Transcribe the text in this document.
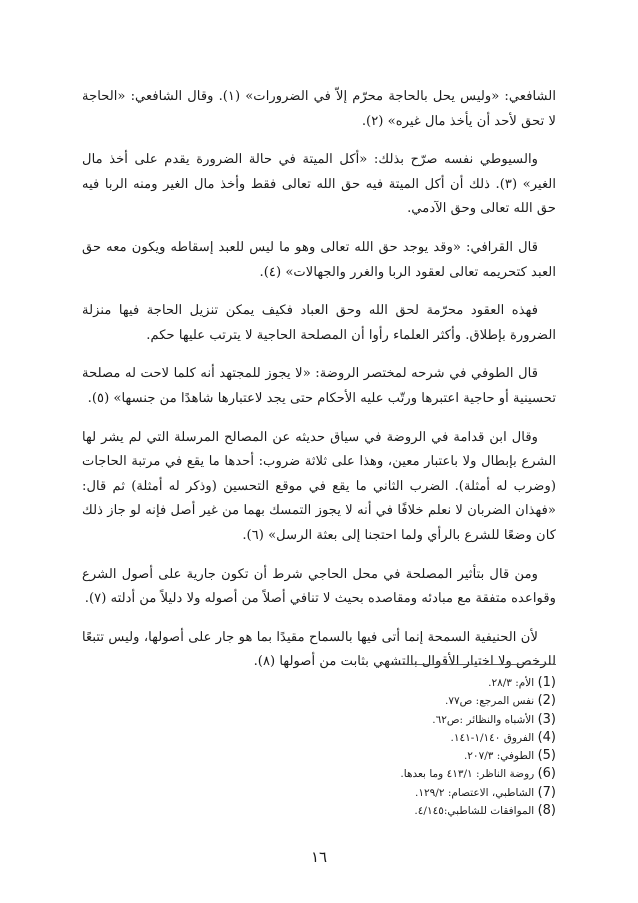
الشافعي: «وليس يحل بالحاجة محرّم إلاّ في الضرورات» (١). وقال الشافعي: «الحاجة لا تحق لأحد أن يأخذ مال غيره» (٢).

والسيوطي نفسه صرّح بذلك: «أكل الميتة في حالة الضرورة يقدم على أخذ مال الغير» (٣). ذلك أن أكل الميتة فيه حق الله تعالى فقط وأخذ مال الغير ومنه الربا فيه حق الله تعالى وحق الآدمي.

قال القرافي: «وقد يوجد حق الله تعالى وهو ما ليس للعبد إسقاطه ويكون معه حق العبد كتحريمه تعالى لعقود الربا والغرر والجهالات» (٤).

فهذه العقود محرّمة لحق الله وحق العباد فكيف يمكن تنزيل الحاجة فيها منزلة الضرورة بإطلاق. وأكثر العلماء رأوا أن المصلحة الحاجية لا يترتب عليها حكم.

قال الطوفي في شرحه لمختصر الروضة: «لا يجوز للمجتهد أنه كلما لاحت له مصلحة تحسينية أو حاجية اعتبرها ورتّب عليه الأحكام حتى يجد لاعتبارها شاهدًا من جنسها» (٥).

وقال ابن قدامة في الروضة في سياق حديثه عن المصالح المرسلة التي لم يشر لها الشرع بإبطال ولا باعتبار معين، وهذا على ثلاثة ضروب: أحدها ما يقع في مرتبة الحاجات (وضرب له أمثلة). الضرب الثاني ما يقع في موقع التحسين (وذكر له أمثلة) ثم قال: «فهذان الضربان لا نعلم خلافًا في أنه لا يجوز التمسك بهما من غير أصل فإنه لو جاز ذلك كان وضعًا للشرع بالرأي ولما احتجنا إلى بعثة الرسل» (٦).

ومن قال بتأثير المصلحة في محل الحاجي شرط أن تكون جارية على أصول الشرع وقواعده متفقة مع مبادئه ومقاصده بحيث لا تنافي أصلاً من أصوله ولا دليلاً من أدلته (٧).

لأن الحنيفية السمحة إنما أتى فيها بالسماح مقيدًا بما هو جار على أصولها، وليس تتبعًا للرخص ولا اختيار الأقوال بالتشهي بثابت من أصولها (٨).

(1) الأم: ٢٨/٣.
(2) نفس المرجع: ص٧٧.
(3) الأشباه والنظائر :ص٦٢.
(4) الفروق ١/١٤٠-١٤١.
(5) الطوفي: ٢٠٧/٣.
(6) روضة الناظر: ٤١٣/١ وما بعدها.
(7) الشاطبي، الاعتصام: ١٢٩/٢.
(8) الموافقات للشاطبي:٤/١٤٥.
١٦
